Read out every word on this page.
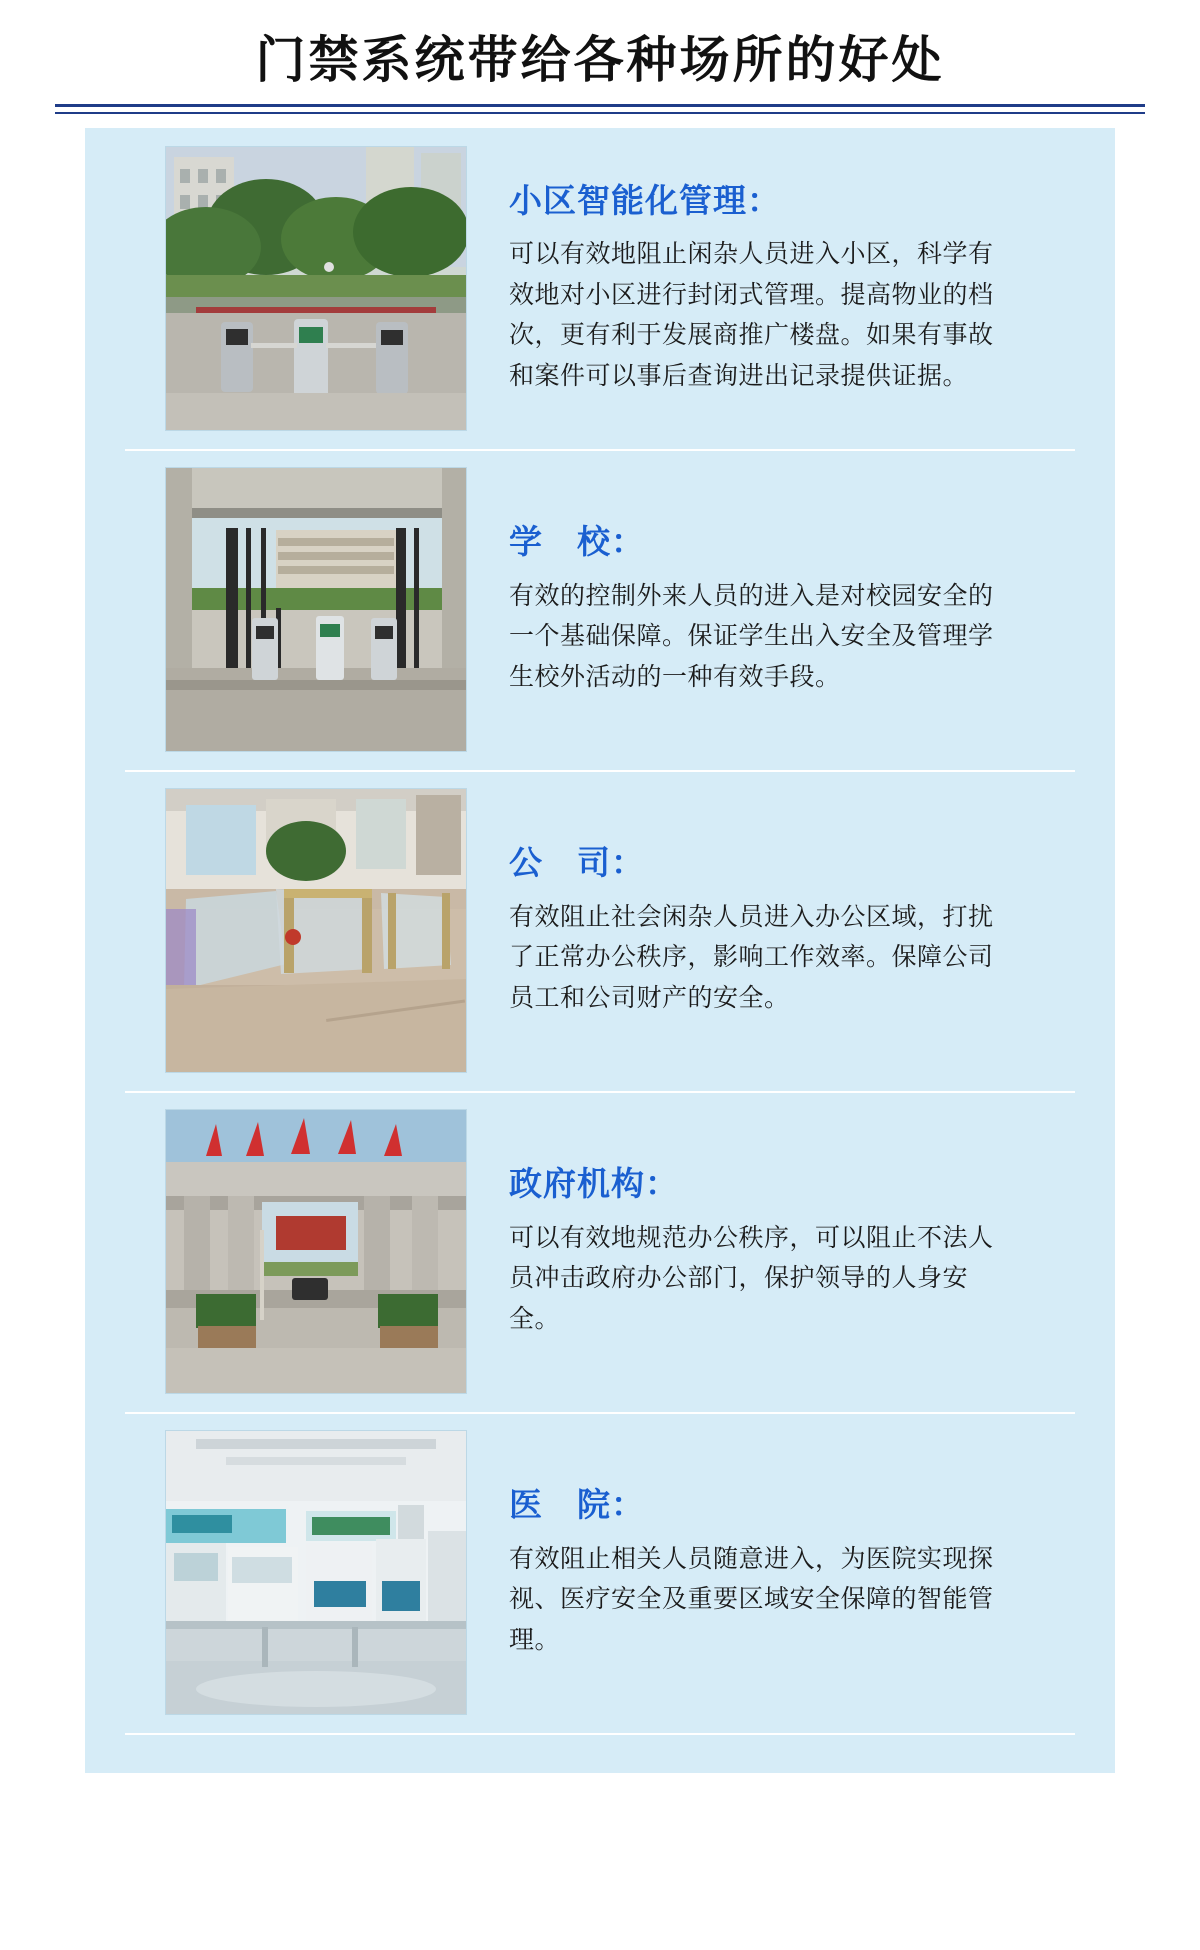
门禁系统带给各种场所的好处
小区智能化管理：

可以有效地阻止闲杂人员进入小区，科学有效地对小区进行封闭式管理。提高物业的档次，更有利于发展商推广楼盘。如果有事故和案件可以事后查询进出记录提供证据。

学　校：

有效的控制外来人员的进入是对校园安全的一个基础保障。保证学生出入安全及管理学生校外活动的一种有效手段。

公　司：

有效阻止社会闲杂人员进入办公区域，打扰了正常办公秩序，影响工作效率。保障公司员工和公司财产的安全。

政府机构：

可以有效地规范办公秩序，可以阻止不法人员冲击政府办公部门，保护领导的人身安全。

医　院：

有效阻止相关人员随意进入，为医院实现探视、医疗安全及重要区域安全保障的智能管理。
